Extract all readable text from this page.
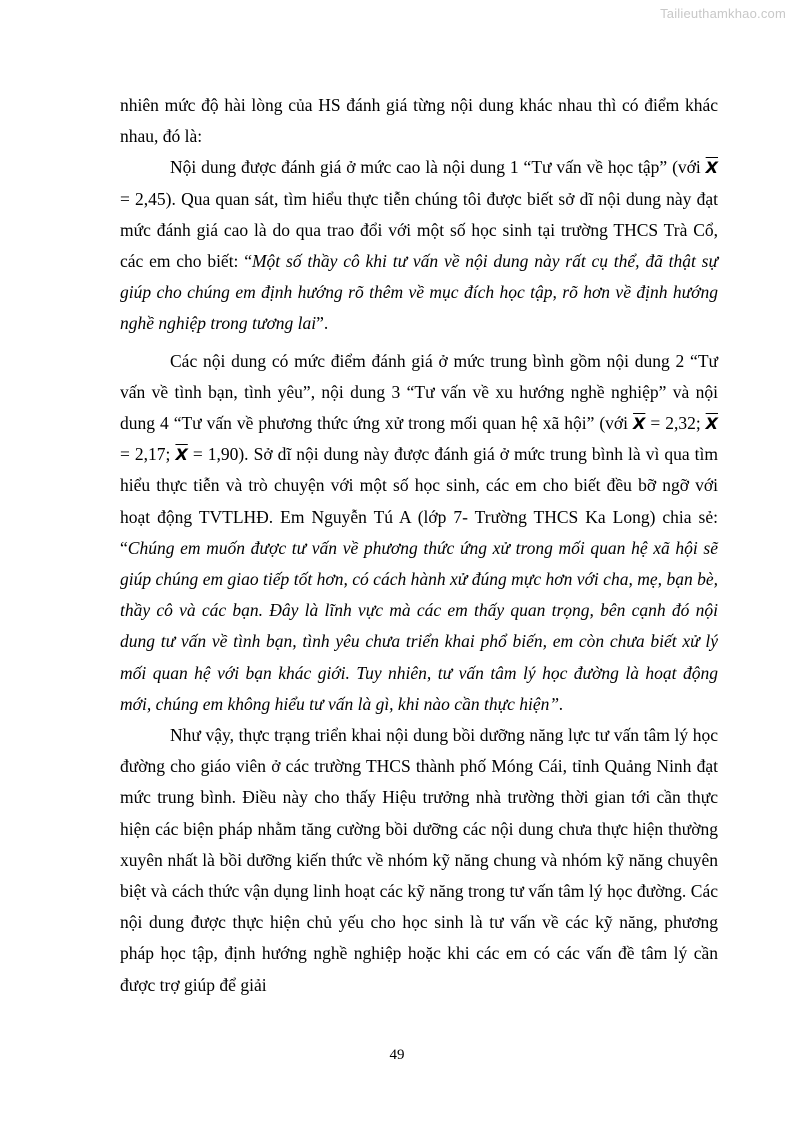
Tailieuthamkhao.com

nhiên mức độ hài lòng của HS đánh giá từng nội dung khác nhau thì có điểm khác nhau, đó là:

Nội dung được đánh giá ở mức cao là nội dung 1 “Tư vấn về học tập” (với $\overline{X} = 2,45$). Qua quan sát, tìm hiểu thực tiễn chúng tôi được biết sở dĩ nội dung này đạt mức đánh giá cao là do qua trao đổi với một số học sinh tại trường THCS Trà Cổ, các em cho biết: “Một số thầy cô khi tư vấn về nội dung này rất cụ thể, đã thật sự giúp cho chúng em định hướng rõ thêm về mục đích học tập, rõ hơn về định hướng nghề nghiệp trong tương lai”.

Các nội dung có mức điểm đánh giá ở mức trung bình gồm nội dung 2 “Tư vấn về tình bạn, tình yêu”, nội dung 3 “Tư vấn về xu hướng nghề nghiệp” và nội dung 4 “Tư vấn về phương thức ứng xử trong mối quan hệ xã hội” (với $\overline{X} = 2,32$; $\overline{X} = 2,17$; $\overline{X} = 1,90$). Sở dĩ nội dung này được đánh giá ở mức trung bình là vì qua tìm hiểu thực tiễn và trò chuyện với một số học sinh, các em cho biết đều bỡ ngỡ với hoạt động TVTLHĐ. Em Nguyễn Tú A (lớp 7- Trường THCS Ka Long) chia sẻ: “Chúng em muốn được tư vấn về phương thức ứng xử trong mối quan hệ xã hội sẽ giúp chúng em giao tiếp tốt hơn, có cách hành xử đúng mực hơn với cha, mẹ, bạn bè, thầy cô và các bạn. Đây là lĩnh vực mà các em thấy quan trọng, bên cạnh đó nội dung tư vấn về tình bạn, tình yêu chưa triển khai phổ biến, em còn chưa biết xử lý mối quan hệ với bạn khác giới. Tuy nhiên, tư vấn tâm lý học đường là hoạt động mới, chúng em không hiểu tư vấn là gì, khi nào cần thực hiện”.

Như vậy, thực trạng triển khai nội dung bồi dưỡng năng lực tư vấn tâm lý học đường cho giáo viên ở các trường THCS thành phố Móng Cái, tỉnh Quảng Ninh đạt mức trung bình. Điều này cho thấy Hiệu trưởng nhà trường thời gian tới cần thực hiện các biện pháp nhằm tăng cường bồi dưỡng các nội dung chưa thực hiện thường xuyên nhất là bồi dưỡng kiến thức về nhóm kỹ năng chung và nhóm kỹ năng chuyên biệt và cách thức vận dụng linh hoạt các kỹ năng trong tư vấn tâm lý học đường. Các nội dung được thực hiện chủ yếu cho học sinh là tư vấn về các kỹ năng, phương pháp học tập, định hướng nghề nghiệp hoặc khi các em có các vấn đề tâm lý cần được trợ giúp để giải

49
